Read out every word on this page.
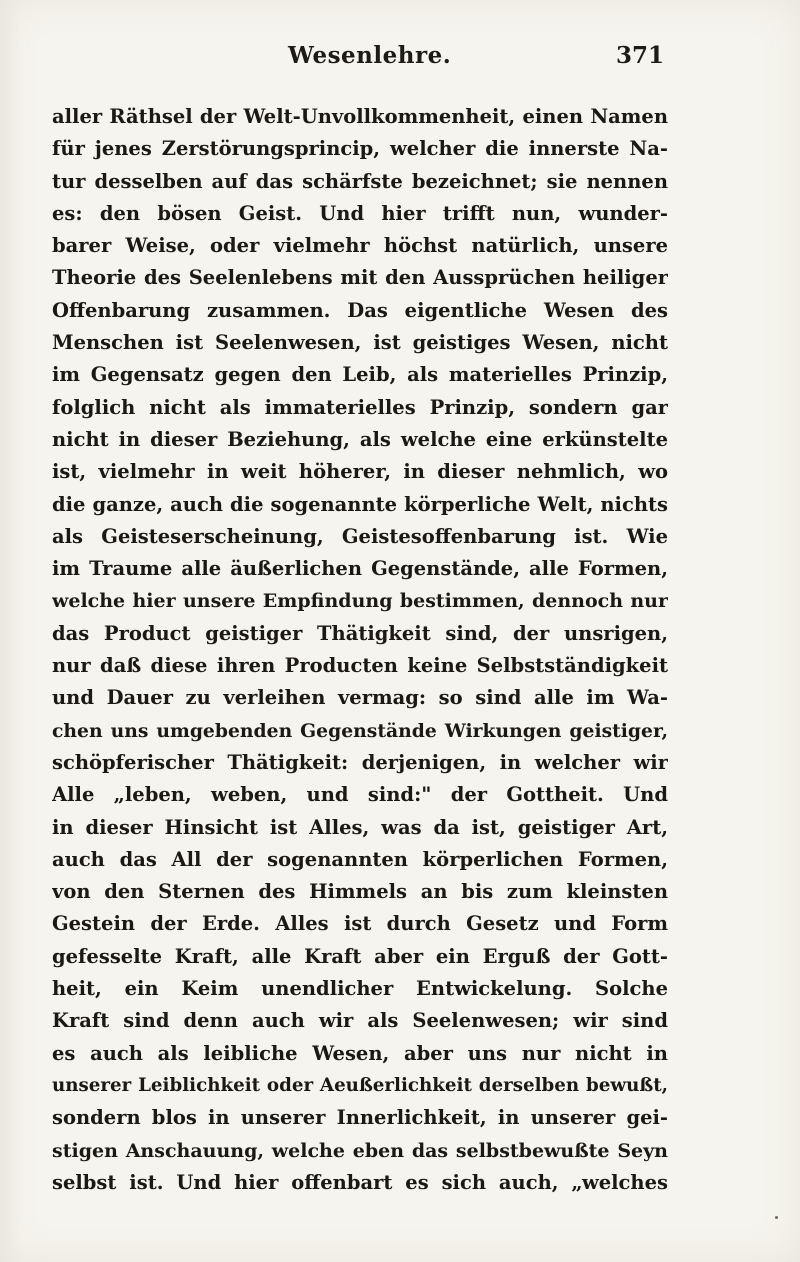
Wesenlehre.	371
aller Räthsel der Welt-Unvollkommenheit, einen Namen
für jenes Zerstörungsprincip, welcher die innerste Na-
tur desselben auf das schärfste bezeichnet; sie nennen
es: den bösen Geist. Und hier trifft nun, wunder-
barer Weise, oder vielmehr höchst natürlich, unsere
Theorie des Seelenlebens mit den Aussprüchen heiliger
Offenbarung zusammen. Das eigentliche Wesen des
Menschen ist Seelenwesen, ist geistiges Wesen, nicht
im Gegensatz gegen den Leib, als materielles Prinzip,
folglich nicht als immaterielles Prinzip, sondern gar
nicht in dieser Beziehung, als welche eine erkünstelte
ist, vielmehr in weit höherer, in dieser nehmlich, wo
die ganze, auch die sogenannte körperliche Welt, nichts
als Geisteserscheinung, Geistesoffenbarung ist. Wie
im Traume alle äußerlichen Gegenstände, alle Formen,
welche hier unsere Empfindung bestimmen, dennoch nur
das Product geistiger Thätigkeit sind, der unsrigen,
nur daß diese ihren Producten keine Selbstständigkeit
und Dauer zu verleihen vermag: so sind alle im Wa-
chen uns umgebenden Gegenstände Wirkungen geistiger,
schöpferischer Thätigkeit: derjenigen, in welcher wir
Alle „leben, weben, und sind:" der Gottheit. Und
in dieser Hinsicht ist Alles, was da ist, geistiger Art,
auch das All der sogenannten körperlichen Formen,
von den Sternen des Himmels an bis zum kleinsten
Gestein der Erde. Alles ist durch Gesetz und Form
gefesselte Kraft, alle Kraft aber ein Erguß der Gott-
heit, ein Keim unendlicher Entwickelung. Solche
Kraft sind denn auch wir als Seelenwesen; wir sind
es auch als leibliche Wesen, aber uns nur nicht in
unserer Leiblichkeit oder Aeußerlichkeit derselben bewußt,
sondern blos in unserer Innerlichkeit, in unserer gei-
stigen Anschauung, welche eben das selbstbewußte Seyn
selbst ist. Und hier offenbart es sich auch, „welches
